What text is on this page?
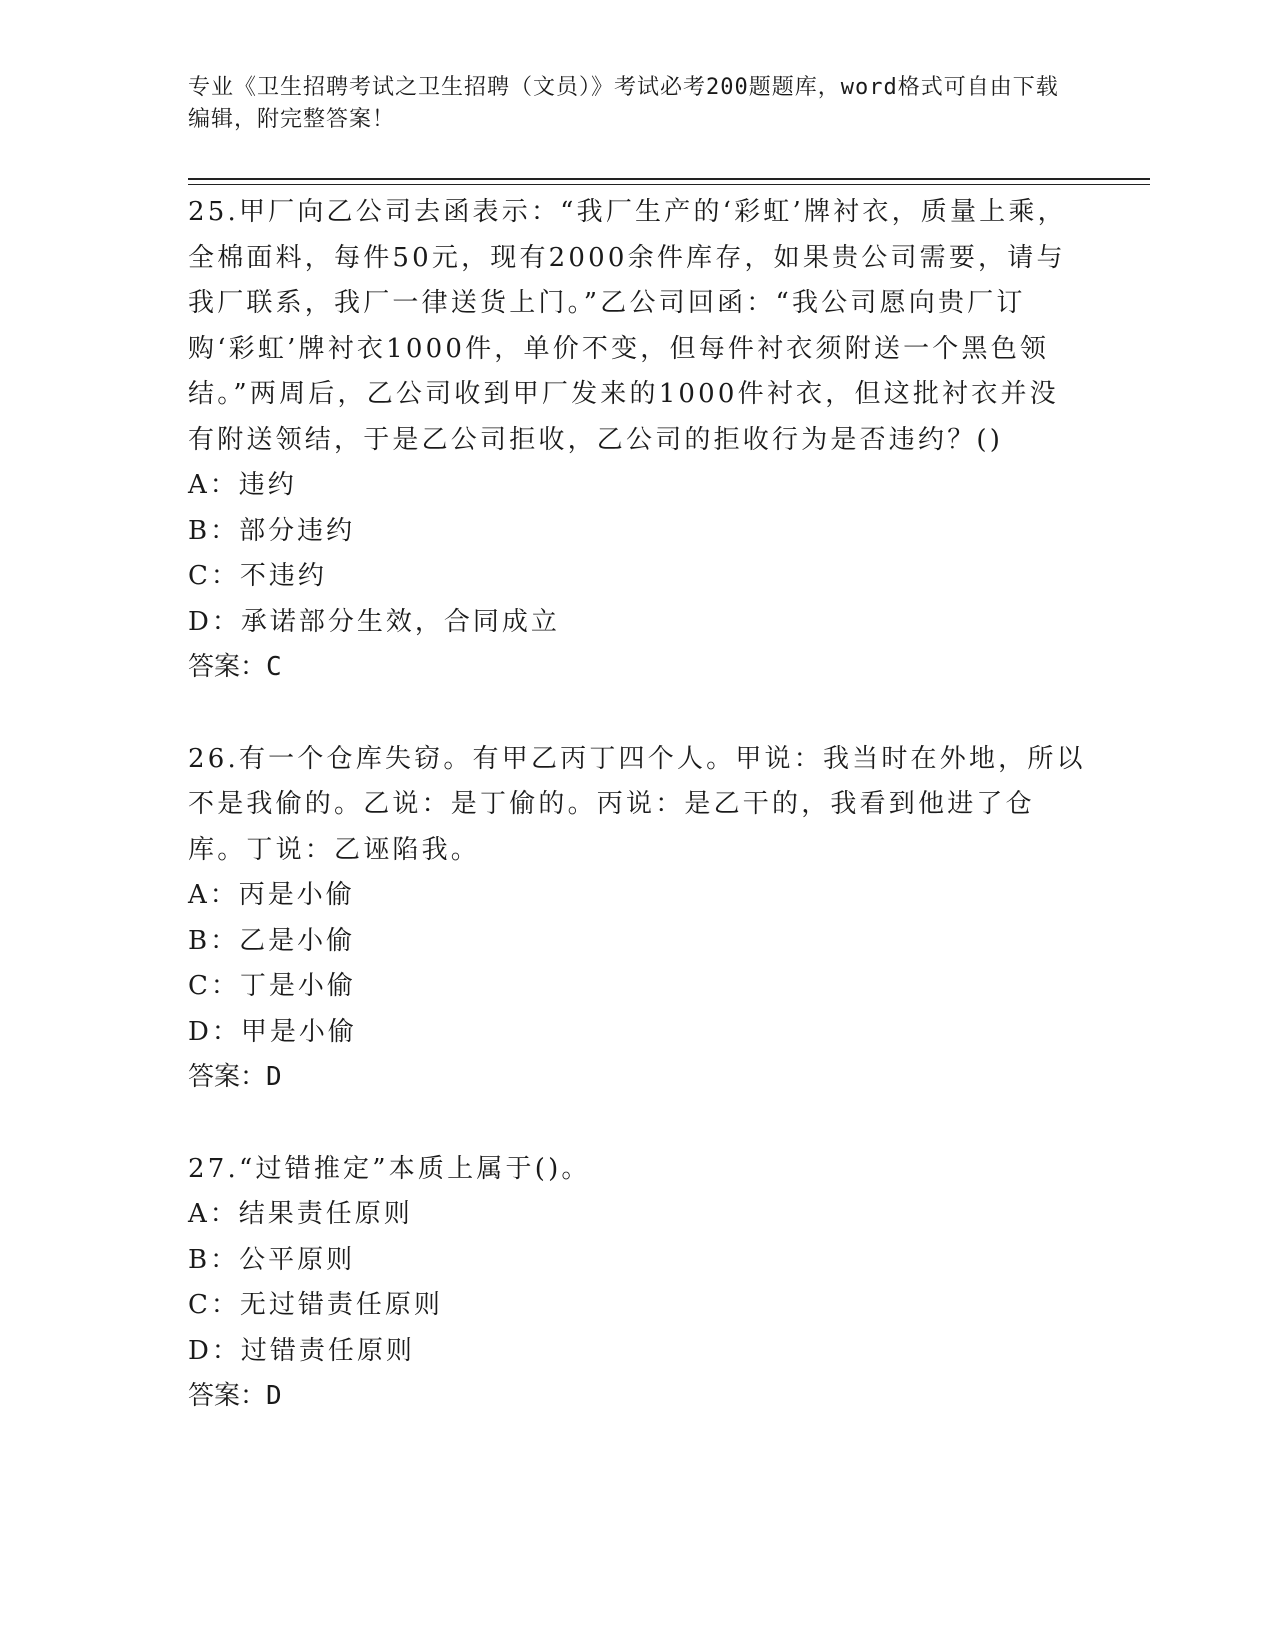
专业《卫生招聘考试之卫生招聘（文员）》考试必考200题题库，word格式可自由下载编辑，附完整答案！

25.甲厂向乙公司去函表示：“我厂生产的‘彩虹’牌衬衣，质量上乘，全棉面料，每件50元，现有2000余件库存，如果贵公司需要，请与我厂联系，我厂一律送货上门。”乙公司回函：“我公司愿向贵厂订购‘彩虹’牌衬衣1000件，单价不变，但每件衬衣须附送一个黑色领结。”两周后，乙公司收到甲厂发来的1000件衬衣，但这批衬衣并没有附送领结，于是乙公司拒收，乙公司的拒收行为是否违约？()

A：违约

B：部分违约

C：不违约

D：承诺部分生效，合同成立

答案：C

26.有一个仓库失窃。有甲乙丙丁四个人。甲说：我当时在外地，所以不是我偷的。乙说：是丁偷的。丙说：是乙干的，我看到他进了仓库。丁说：乙诬陷我。

A：丙是小偷

B：乙是小偷

C：丁是小偷

D：甲是小偷

答案：D

27.“过错推定”本质上属于()。

A：结果责任原则

B：公平原则

C：无过错责任原则

D：过错责任原则

答案：D
